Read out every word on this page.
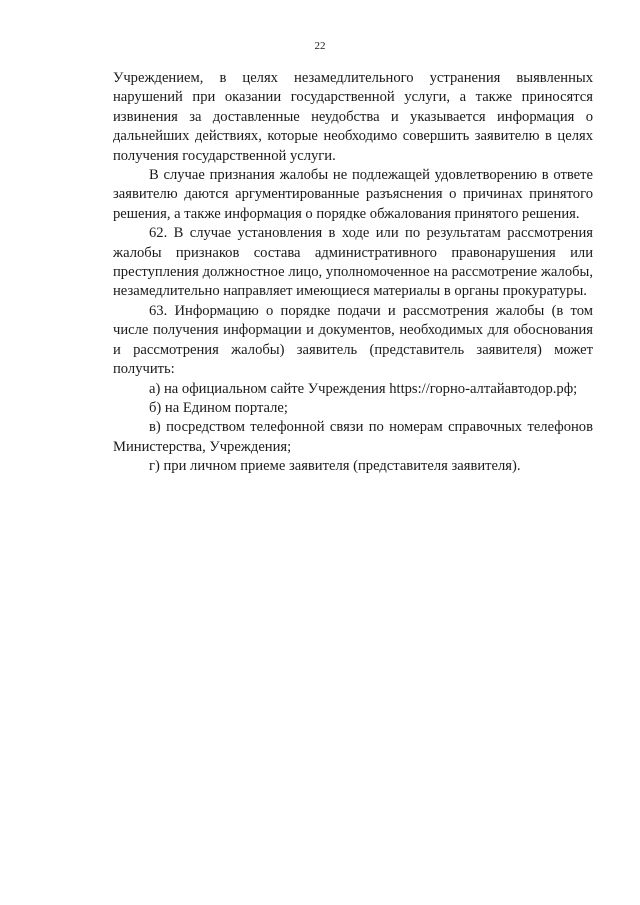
22

Учреждением, в целях незамедлительного устранения выявленных нарушений при оказании государственной услуги, а также приносятся извинения за доставленные неудобства и указывается информация о дальнейших действиях, которые необходимо совершить заявителю в целях получения государственной услуги.

В случае признания жалобы не подлежащей удовлетворению в ответе заявителю даются аргументированные разъяснения о причинах принятого решения, а также информация о порядке обжалования принятого решения.

62. В случае установления в ходе или по результатам рассмотрения жалобы признаков состава административного правонарушения или преступления должностное лицо, уполномоченное на рассмотрение жалобы, незамедлительно направляет имеющиеся материалы в органы прокуратуры.

63. Информацию о порядке подачи и рассмотрения жалобы (в том числе получения информации и документов, необходимых для обоснования и рассмотрения жалобы) заявитель (представитель заявителя) может получить:

а) на официальном сайте Учреждения https://горно-алтайавтодор.рф;

б) на Едином портале;

в) посредством телефонной связи по номерам справочных телефонов Министерства, Учреждения;

г) при личном приеме заявителя (представителя заявителя).
